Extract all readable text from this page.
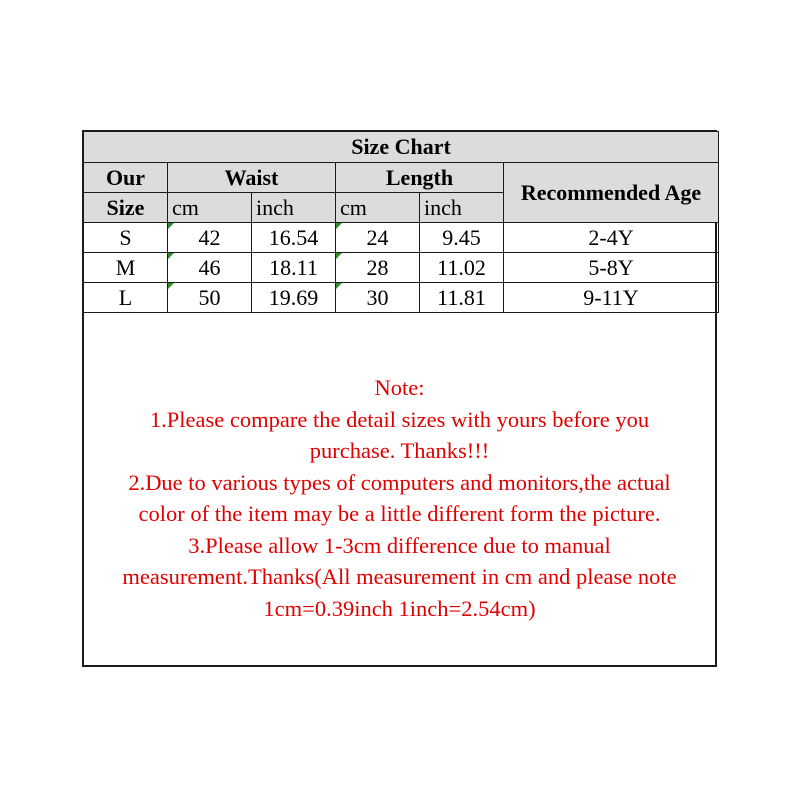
Size Chart					
Our	Waist		Length		Recommended Age
Size	cm	inch	cm	inch	
S	42	16.54	24	9.45	2-4Y
M	46	18.11	28	11.02	5-8Y
L	50	19.69	30	11.81	9-11Y
Note:
1.Please compare the detail sizes with yours before you
purchase. Thanks!!!
2.Due to various types of computers and monitors,the actual
color of the item may be a little different form the picture.
3.Please allow 1-3cm difference due to manual
measurement.Thanks(All measurement in cm and please note
1cm=0.39inch 1inch=2.54cm)
